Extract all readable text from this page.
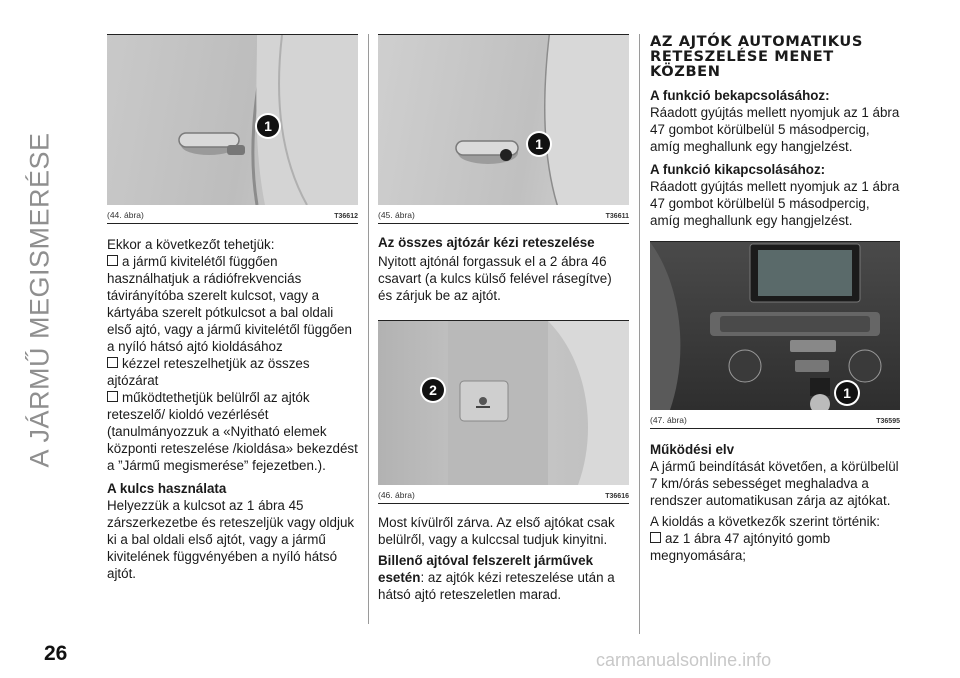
A JÁRMŰ MEGISMERÉSE
1
(44. ábra)	T36612

Ekkor a következőt tehetjük:

a jármű kivitelétől függően használhatjuk a rádiófrekvenciás távirányítóba szerelt kulcsot, vagy a kártyába szerelt pótkulcsot a bal oldali első ajtó, vagy a jármű kivitelétől függően a nyíló hátsó ajtó kioldásához

kézzel reteszelhetjük az összes ajtózárat

működtethetjük belülről az ajtók reteszelő/ kioldó vezérlését (tanulmányozzuk a «Nyitható elemek központi reteszelése /kioldása» bekezdést a ”Jármű megismerése” fejezetben.).

A kulcs használata

Helyezzük a kulcsot az 1 ábra 45 zárszerkezetbe és reteszeljük vagy oldjuk ki a bal oldali első ajtót, vagy a jármű kivitelének függvényében a nyíló hátsó ajtót.

1
(45. ábra)	T36611
Az összes ajtózár kézi reteszelése

Nyitott ajtónál forgassuk el a 2 ábra 46 csavart (a kulcs külső felével rásegítve) és zárjuk be az ajtót.

2
(46. ábra)	T36616

Most kívülről zárva. Az első ajtókat csak belülről, vagy a kulccsal tudjuk kinyitni.

Billenő ajtóval felszerelt járművek esetén: az ajtók kézi reteszelése után a hátsó ajtó reteszeletlen marad.

AZ AJTÓK AUTOMATIKUS RETESZELÉSE MENET KÖZBEN
A funkció bekapcsolásához:

Ráadott gyújtás mellett nyomjuk az 1 ábra 47 gombot körülbelül 5 másodpercig, amíg meghallunk egy hangjelzést.

A funkció kikapcsolásához:

Ráadott gyújtás mellett nyomjuk az 1 ábra 47 gombot körülbelül 5 másodpercig, amíg meghallunk egy hangjelzést.

1
(47. ábra)	T36595
Működési elv

A jármű beindítását követően, a körülbelül 7 km/órás sebességet meghaladva a rendszer automatikusan zárja az ajtókat.

A kioldás a következők szerint történik:

az 1 ábra 47 ajtónyitó gomb megnyomására;

26	carmanualsonline.info
